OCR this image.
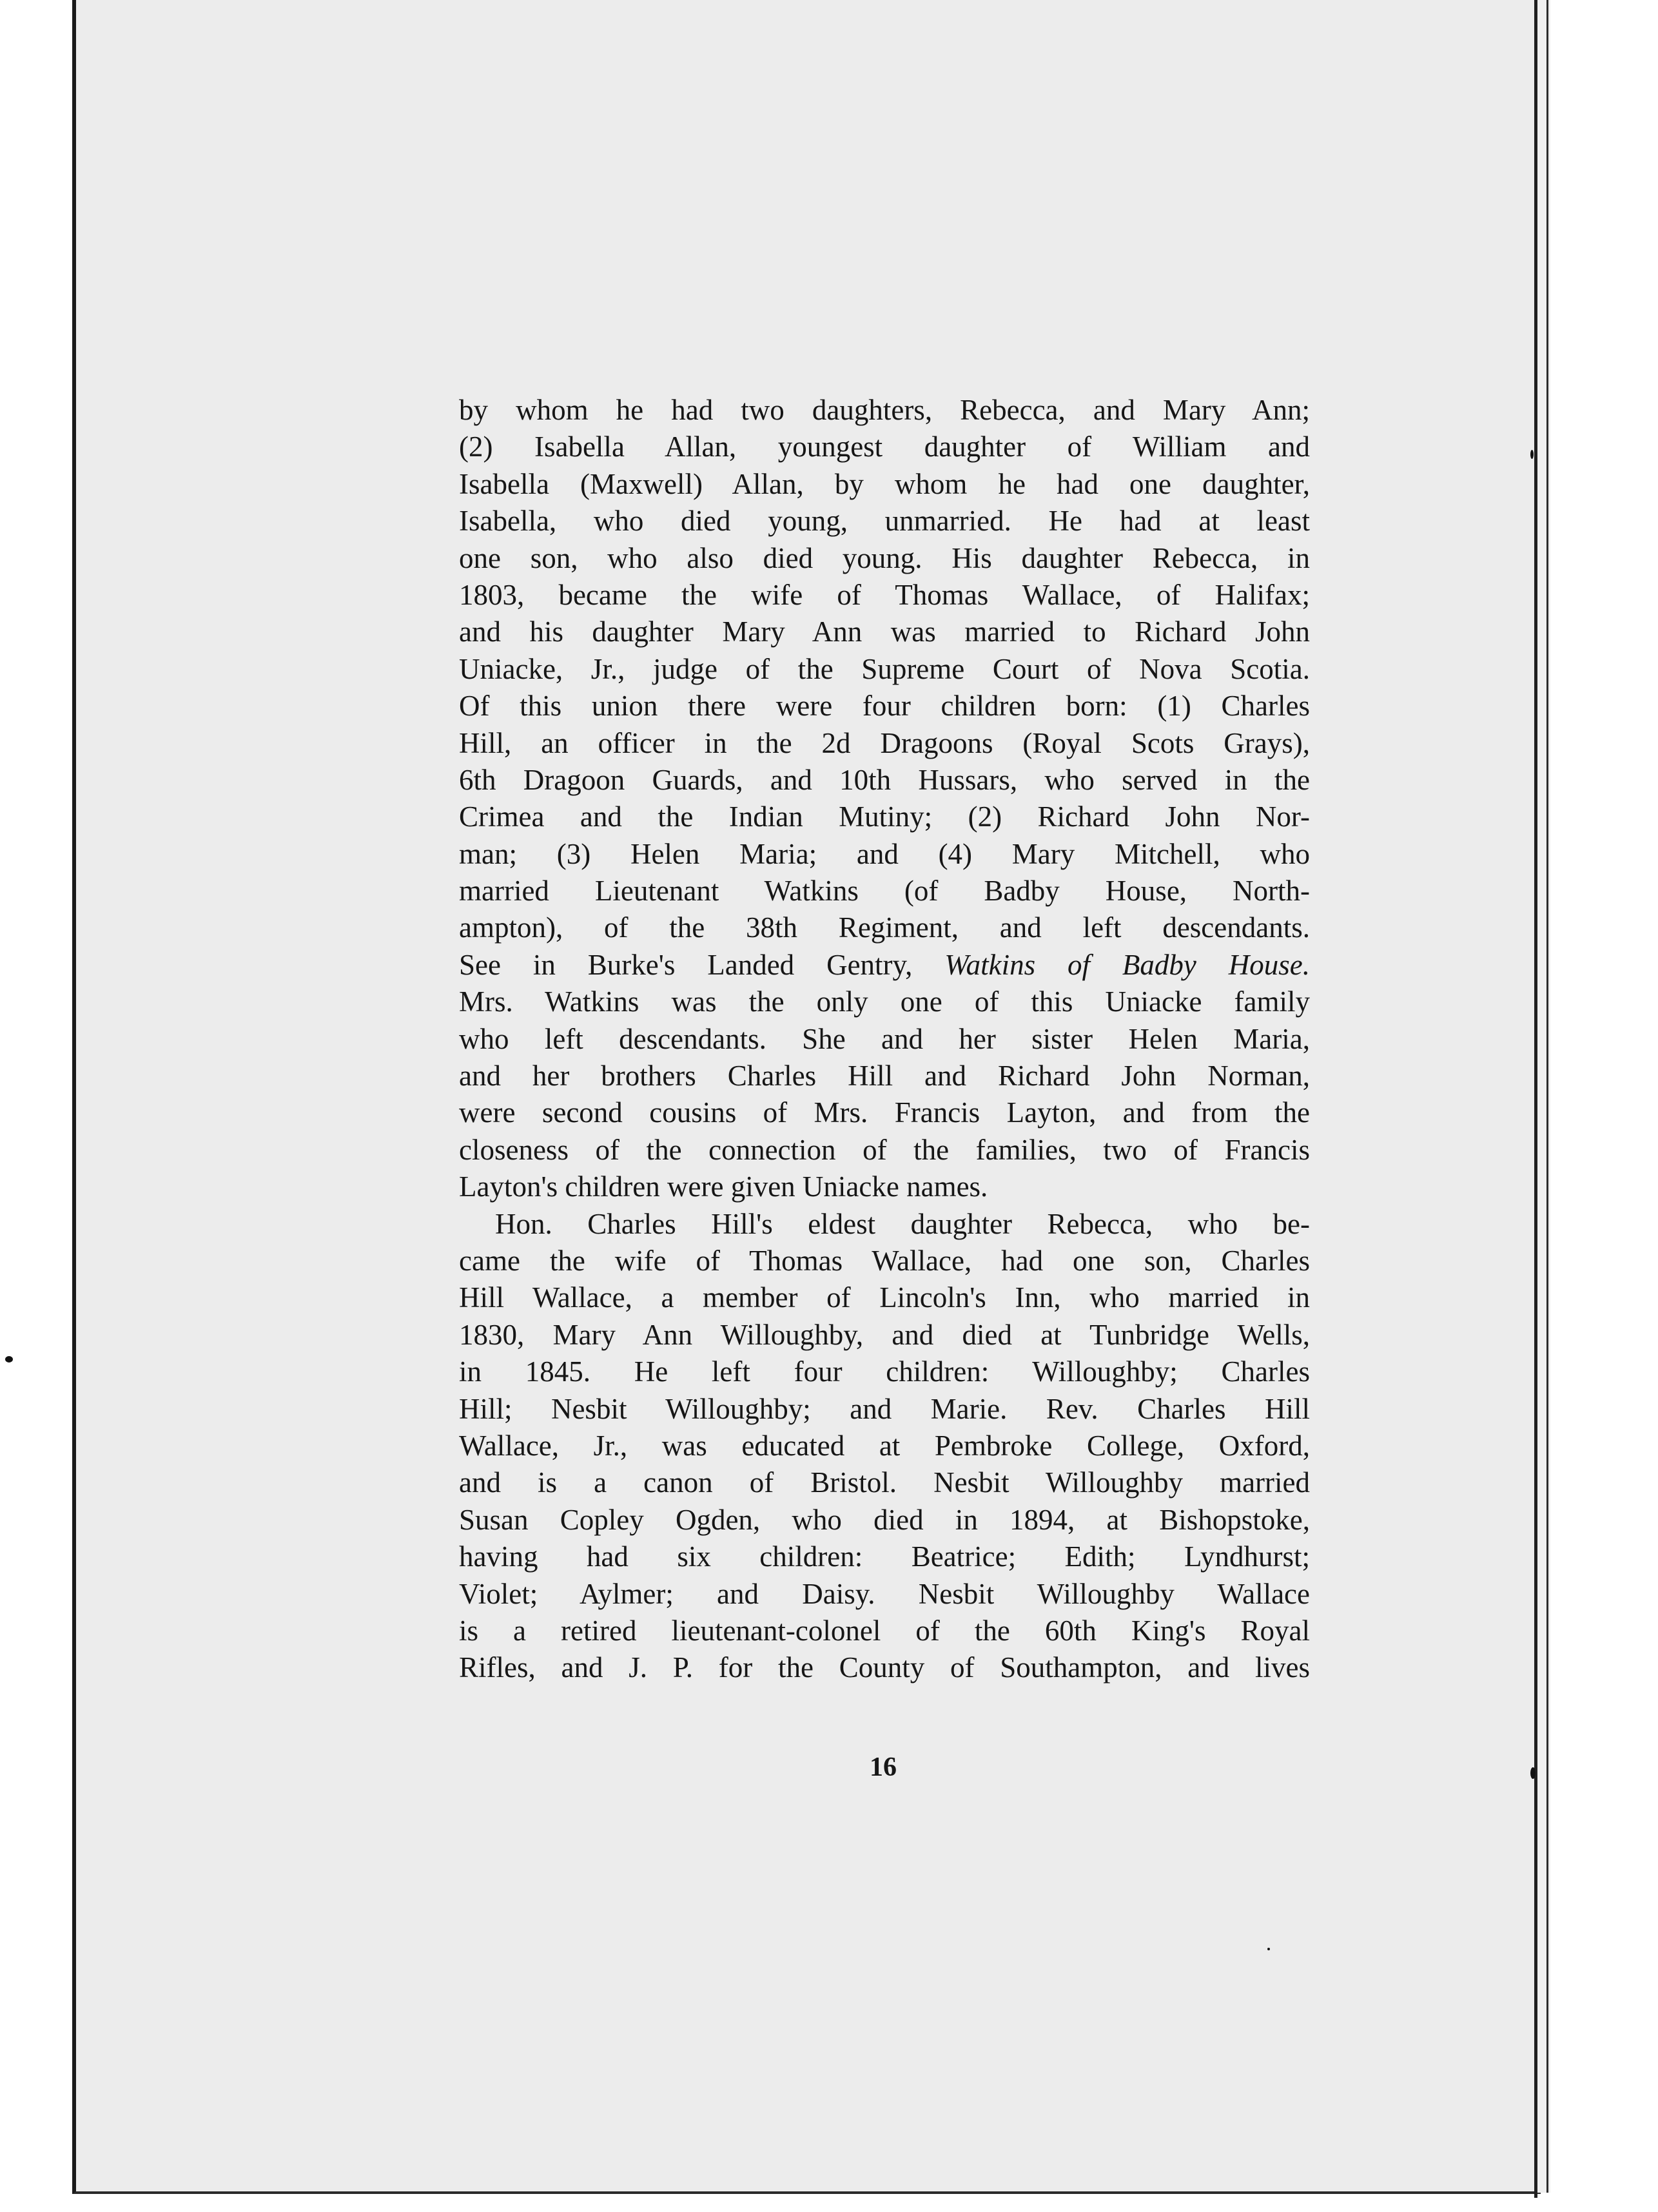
by whom he had two daughters, Rebecca, and Mary Ann;
(2) Isabella Allan, youngest daughter of William and
Isabella (Maxwell) Allan, by whom he had one daughter,
Isabella, who died young, unmarried. He had at least
one son, who also died young. His daughter Rebecca, in
1803, became the wife of Thomas Wallace, of Halifax;
and his daughter Mary Ann was married to Richard John
Uniacke, Jr., judge of the Supreme Court of Nova Scotia.
Of this union there were four children born: (1) Charles
Hill, an officer in the 2d Dragoons (Royal Scots Grays),
6th Dragoon Guards, and 10th Hussars, who served in the
Crimea and the Indian Mutiny; (2) Richard John Nor-
man; (3) Helen Maria; and (4) Mary Mitchell, who
married Lieutenant Watkins (of Badby House, North-
ampton), of the 38th Regiment, and left descendants.
See in Burke's Landed Gentry, Watkins of Badby House.
Mrs. Watkins was the only one of this Uniacke family
who left descendants. She and her sister Helen Maria,
and her brothers Charles Hill and Richard John Norman,
were second cousins of Mrs. Francis Layton, and from the
closeness of the connection of the families, two of Francis
Layton's children were given Uniacke names.
Hon. Charles Hill's eldest daughter Rebecca, who be-
came the wife of Thomas Wallace, had one son, Charles
Hill Wallace, a member of Lincoln's Inn, who married in
1830, Mary Ann Willoughby, and died at Tunbridge Wells,
in 1845. He left four children: Willoughby; Charles
Hill; Nesbit Willoughby; and Marie. Rev. Charles Hill
Wallace, Jr., was educated at Pembroke College, Oxford,
and is a canon of Bristol. Nesbit Willoughby married
Susan Copley Ogden, who died in 1894, at Bishopstoke,
having had six children: Beatrice; Edith; Lyndhurst;
Violet; Aylmer; and Daisy. Nesbit Willoughby Wallace
is a retired lieutenant-colonel of the 60th King's Royal
Rifles, and J. P. for the County of Southampton, and lives
16
